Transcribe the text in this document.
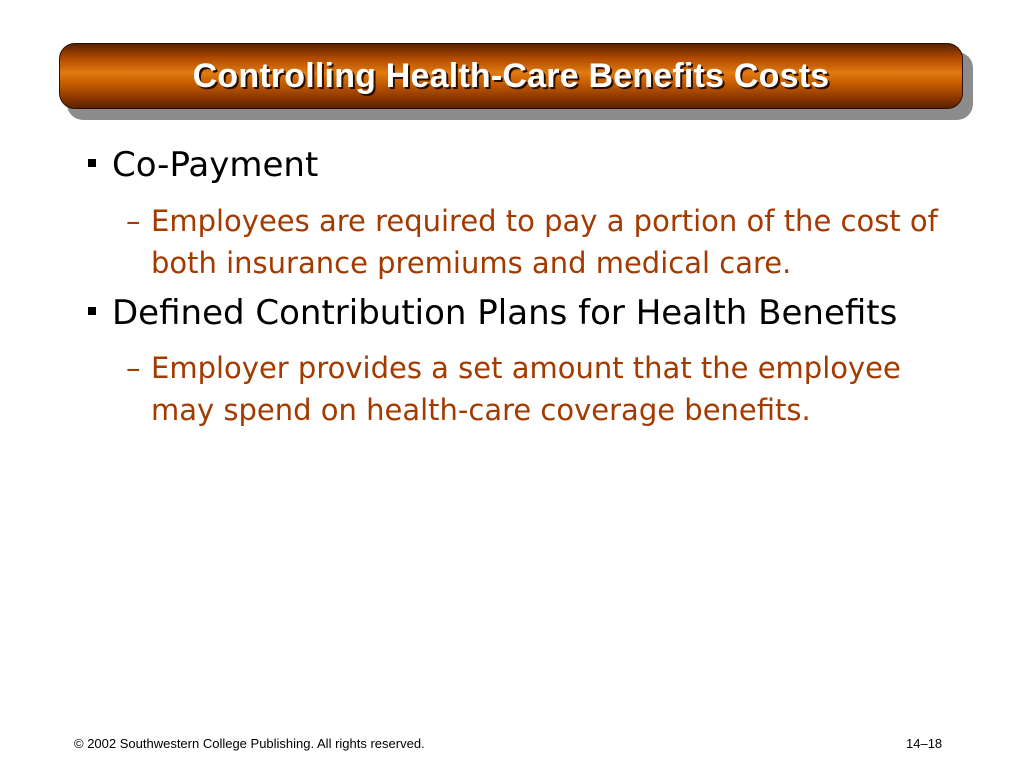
Controlling Health-Care Benefits Costs
Co-Payment
– Employees are required to pay a portion of the cost of both insurance premiums and medical care.
Defined Contribution Plans for Health Benefits
– Employer provides a set amount that the employee may spend on health-care coverage benefits.
© 2002 Southwestern College Publishing. All rights reserved.	14–18
